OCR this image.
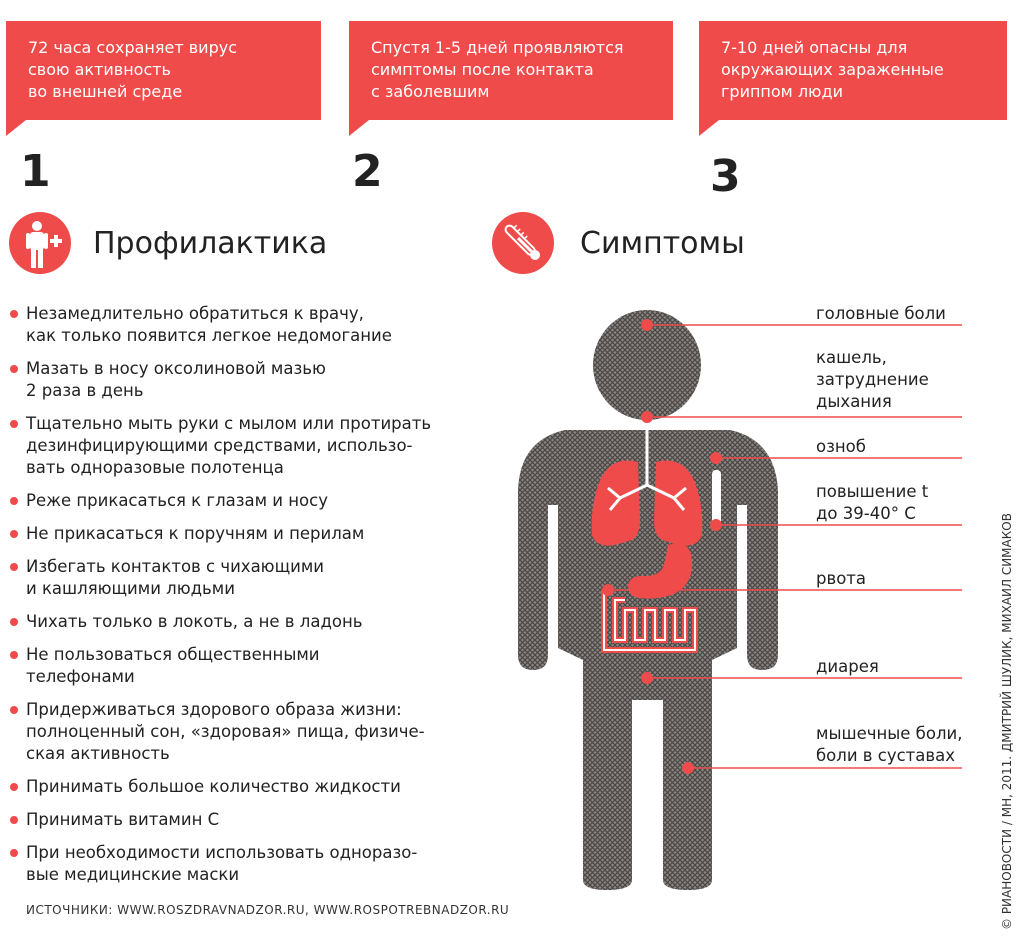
72 часа сохраняет вирус
свою активность
во внешней среде
Спустя 1-5 дней проявляются
симптомы после контакта
с заболевшим
7-10 дней опасны для
окружающих зараженные
гриппом люди
1	2	3
Профилактика	Симптомы
Незамедлительно обратиться к врачу,
как только появится легкое недомогание
Мазать в носу оксолиновой мазью
2 раза в день
Тщательно мыть руки с мылом или протирать
дезинфицирующими средствами, использо-
вать одноразовые полотенца
Реже прикасаться к глазам и носу
Не прикасаться к поручням и перилам
Избегать контактов с чихающими
и кашляющими людьми
Чихать только в локоть, а не в ладонь
Не пользоваться общественными
телефонами
Придерживаться здорового образа жизни:
полноценный сон, «здоровая» пища, физиче-
ская активность
Принимать большое количество жидкости
Принимать витамин С
При необходимости использовать одноразо-
вые медицинские маски
головные боли
кашель,
затруднение
дыхания
озноб
повышение t
до 39-40° С
рвота
диарея
мышечные боли,
боли в суставах
ИСТОЧНИКИ: WWW.ROSZDRAVNADZOR.RU, WWW.ROSPOTREBNADZOR.RU	© РИАНОВОСТИ / МН, 2011. ДМИТРИЙ ШУЛИК, МИХАИЛ СИМАКОВ
